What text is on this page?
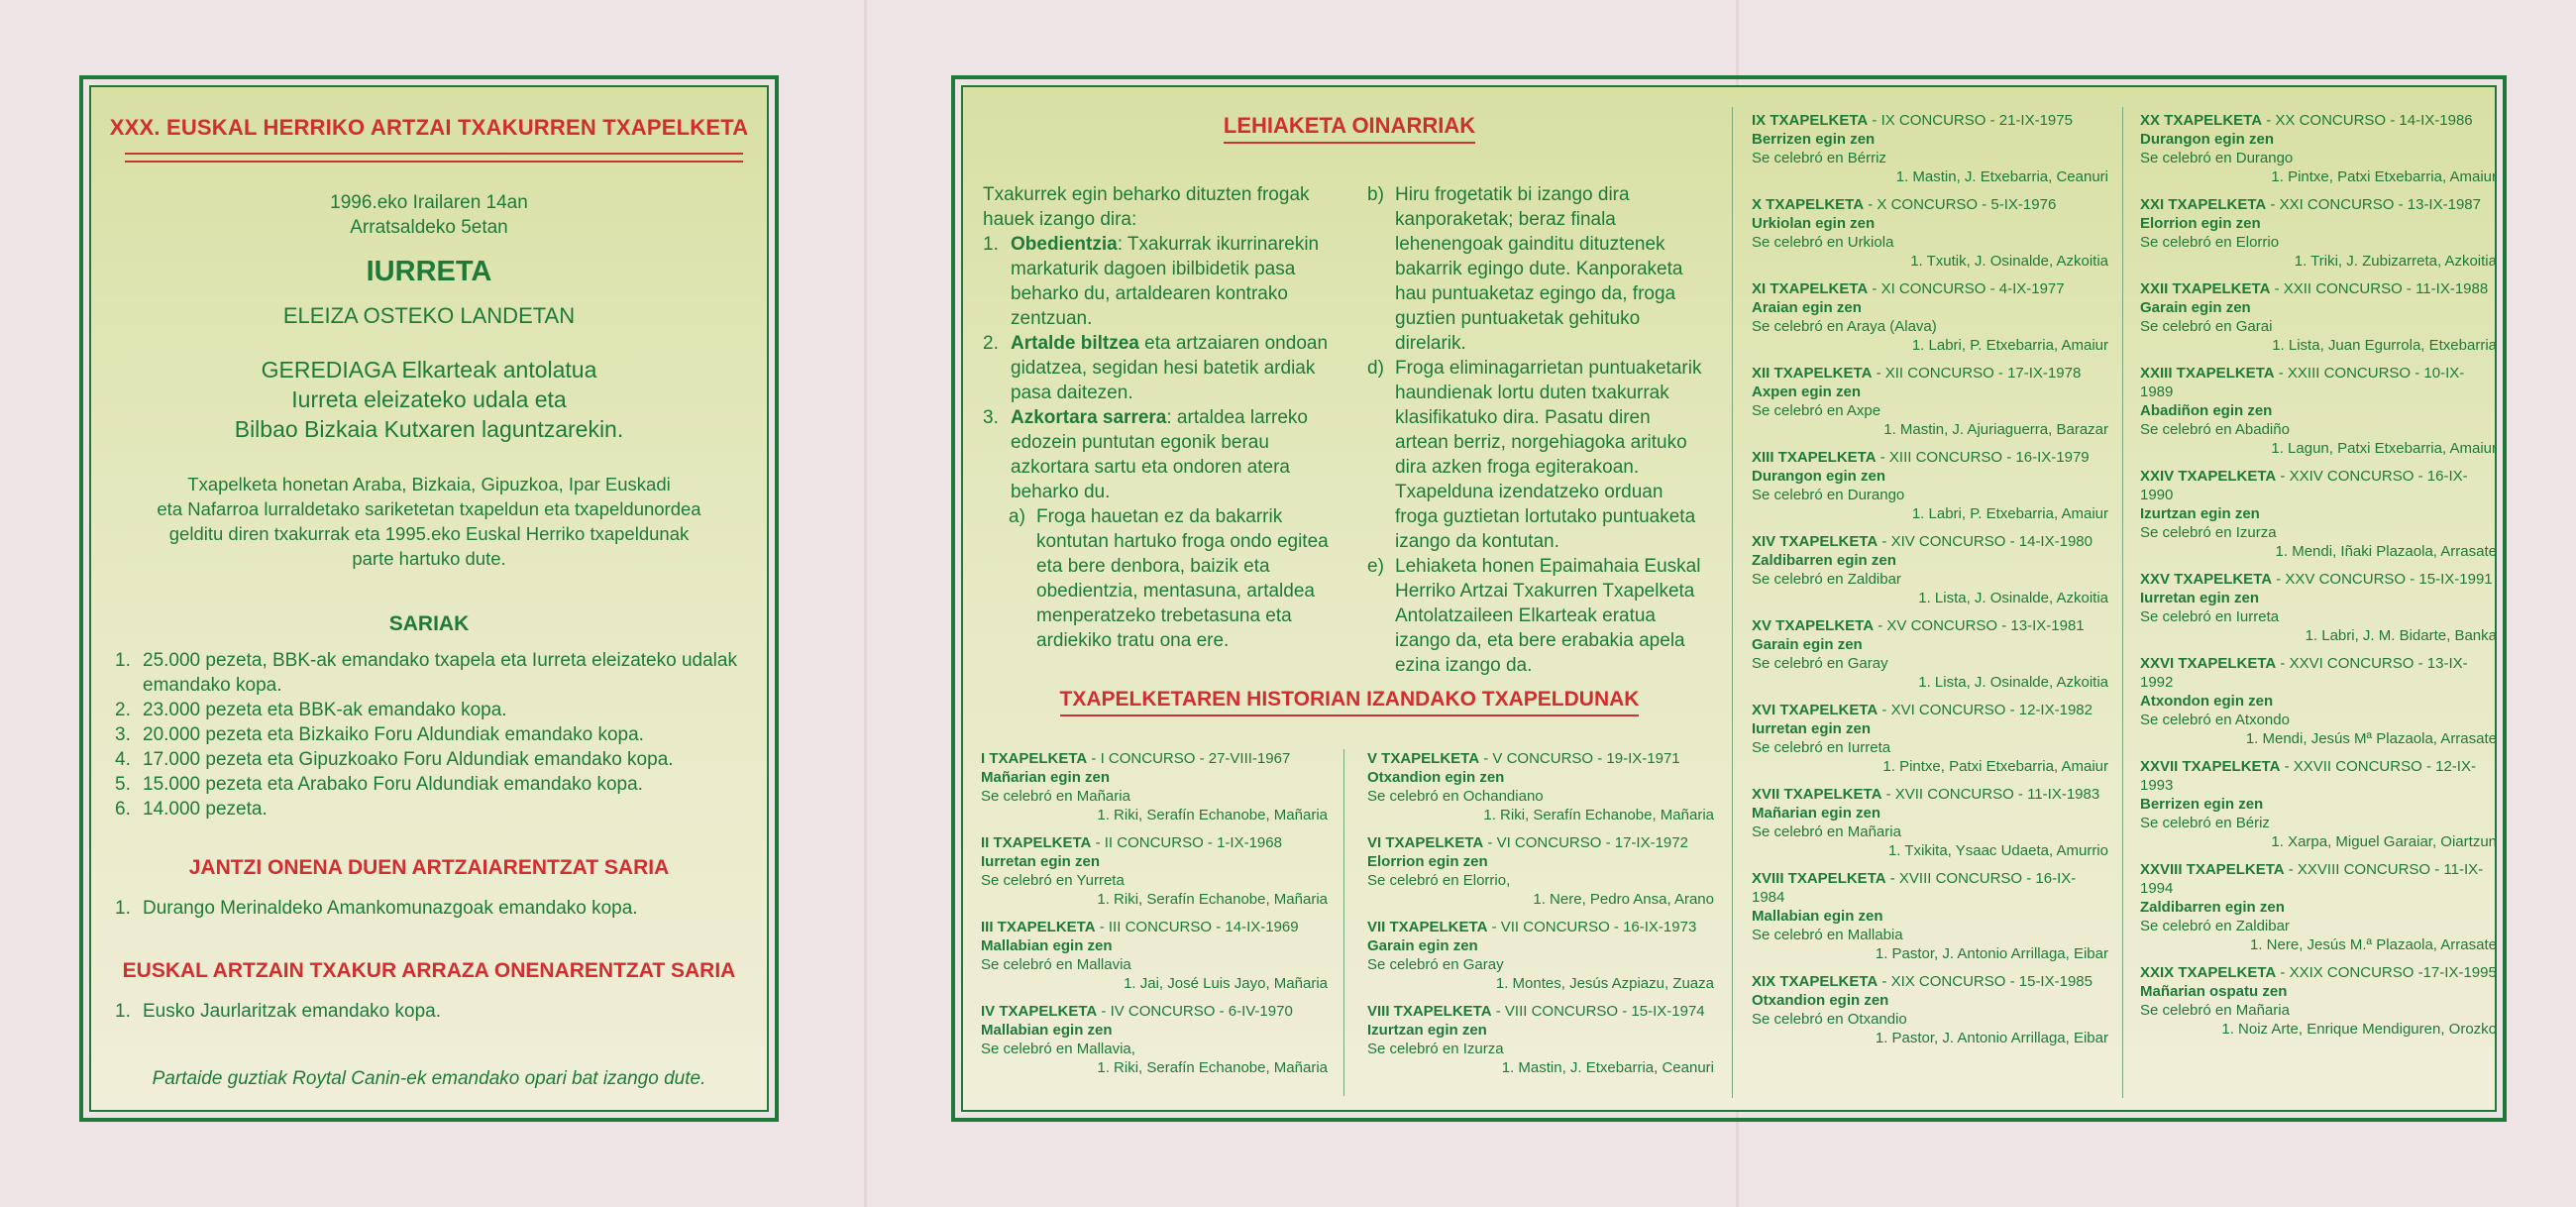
XXX. EUSKAL HERRIKO ARTZAI TXAKURREN TXAPELKETA
1996.eko Irailaren 14an
Arratsaldeko 5etan
IURRETA
ELEIZA OSTEKO LANDETAN
GEREDIAGA Elkarteak antolatua
Iurreta eleizateko udala eta
Bilbao Bizkaia Kutxaren laguntzarekin.
Txapelketa honetan Araba, Bizkaia, Gipuzkoa, Ipar Euskadi
eta Nafarroa lurraldetako sariketetan txapeldun eta txapeldunordea
gelditu diren txakurrak eta 1995.eko Euskal Herriko txapeldunak
parte hartuko dute.
SARIAK
1. 25.000 pezeta, BBK-ak emandako txapela eta Iurreta eleizateko udalak emandako kopa.
2. 23.000 pezeta eta BBK-ak emandako kopa.
3. 20.000 pezeta eta Bizkaiko Foru Aldundiak emandako kopa.
4. 17.000 pezeta eta Gipuzkoako Foru Aldundiak emandako kopa.
5. 15.000 pezeta eta Arabako Foru Aldundiak emandako kopa.
6. 14.000 pezeta.
JANTZI ONENA DUEN ARTZAIARENTZAT SARIA
1. Durango Merinaldeko Amankomunazgoak emandako kopa.
EUSKAL ARTZAIN TXAKUR ARRAZA ONENARENTZAT SARIA
1. Eusko Jaurlaritzak emandako kopa.
Partaide guztiak Roytal Canin-ek emandako opari bat izango dute.
LEHIAKETA OINARRIAK

Txakurrek egin beharko dituzten frogak hauek izango dira:

1. Obedientzia: Txakurrak ikurrinarekin markaturik dagoen ibilbidetik pasa beharko du, artaldearen kontrako zentzuan.

2. Artalde biltzea eta artzaiaren ondoan gidatzea, segidan hesi batetik ardiak pasa daitezen.

3. Azkortara sarrera: artaldea larreko edozein puntutan egonik berau azkortara sartu eta ondoren atera beharko du.

a) Froga hauetan ez da bakarrik kontutan hartuko froga ondo egitea eta bere denbora, baizik eta obedientzia, mentasuna, artaldea menperatzeko trebetasuna eta ardiekiko tratu ona ere.

b) Hiru frogetatik bi izango dira kanporaketak; beraz finala lehenengoak gainditu dituztenek bakarrik egingo dute. Kanporaketa hau puntuaketaz egingo da, froga guztien puntuaketak gehituko direlarik.

d) Froga eliminagarrietan puntuaketarik haundienak lortu duten txakurrak klasifikatuko dira. Pasatu diren artean berriz, norgehiagoka arituko dira azken froga egiterakoan. Txapelduna izendatzeko orduan froga guztietan lortutako puntuaketa izango da kontutan.

e) Lehiaketa honen Epaimahaia Euskal Herriko Artzai Txakurren Txapelketa Antolatzaileen Elkarteak eratua izango da, eta bere erabakia apela ezina izango da.

TXAPELKETAREN HISTORIAN IZANDAKO TXAPELDUNAK
I TXAPELKETA - I CONCURSO - 27-VIII-1967
Mañarian egin zen
Se celebró en Mañaria
1. Riki, Serafín Echanobe, Mañaria
II TXAPELKETA - II CONCURSO - 1-IX-1968
Iurretan egin zen
Se celebró en Yurreta
1. Riki, Serafín Echanobe, Mañaria
III TXAPELKETA - III CONCURSO - 14-IX-1969
Mallabian egin zen
Se celebró en Mallavia
1. Jai, José Luis Jayo, Mañaria
IV TXAPELKETA - IV CONCURSO - 6-IV-1970
Mallabian egin zen
Se celebró en Mallavia,
1. Riki, Serafín Echanobe, Mañaria
V TXAPELKETA - V CONCURSO - 19-IX-1971
Otxandion egin zen
Se celebró en Ochandiano
1. Riki, Serafín Echanobe, Mañaria
VI TXAPELKETA - VI CONCURSO - 17-IX-1972
Elorrion egin zen
Se celebró en Elorrio,
1. Nere, Pedro Ansa, Arano
VII TXAPELKETA - VII CONCURSO - 16-IX-1973
Garain egin zen
Se celebró en Garay
1. Montes, Jesús Azpiazu, Zuaza
VIII TXAPELKETA - VIII CONCURSO - 15-IX-1974
Izurtzan egin zen
Se celebró en Izurza
1. Mastin, J. Etxebarria, Ceanuri
IX TXAPELKETA - IX CONCURSO - 21-IX-1975
Berrizen egin zen
Se celebró en Bérriz
1. Mastin, J. Etxebarria, Ceanuri
X TXAPELKETA - X CONCURSO - 5-IX-1976
Urkiolan egin zen
Se celebró en Urkiola
1. Txutik, J. Osinalde, Azkoitia
XI TXAPELKETA - XI CONCURSO - 4-IX-1977
Araian egin zen
Se celebró en Araya (Alava)
1. Labri, P. Etxebarria, Amaiur
XII TXAPELKETA - XII CONCURSO - 17-IX-1978
Axpen egin zen
Se celebró en Axpe
1. Mastin, J. Ajuriaguerra, Barazar
XIII TXAPELKETA - XIII CONCURSO - 16-IX-1979
Durangon egin zen
Se celebró en Durango
1. Labri, P. Etxebarria, Amaiur
XIV TXAPELKETA - XIV CONCURSO - 14-IX-1980
Zaldibarren egin zen
Se celebró en Zaldibar
1. Lista, J. Osinalde, Azkoitia
XV TXAPELKETA - XV CONCURSO - 13-IX-1981
Garain egin zen
Se celebró en Garay
1. Lista, J. Osinalde, Azkoitia
XVI TXAPELKETA - XVI CONCURSO - 12-IX-1982
Iurretan egin zen
Se celebró en Iurreta
1. Pintxe, Patxi Etxebarria, Amaiur
XVII TXAPELKETA - XVII CONCURSO - 11-IX-1983
Mañarian egin zen
Se celebró en Mañaria
1. Txikita, Ysaac Udaeta, Amurrio
XVIII TXAPELKETA - XVIII CONCURSO - 16-IX-1984
Mallabian egin zen
Se celebró en Mallabia
1. Pastor, J. Antonio Arrillaga, Eibar
XIX TXAPELKETA - XIX CONCURSO - 15-IX-1985
Otxandion egin zen
Se celebró en Otxandio
1. Pastor, J. Antonio Arrillaga, Eibar
XX TXAPELKETA - XX CONCURSO - 14-IX-1986
Durangon egin zen
Se celebró en Durango
1. Pintxe, Patxi Etxebarria, Amaiur
XXI TXAPELKETA - XXI CONCURSO - 13-IX-1987
Elorrion egin zen
Se celebró en Elorrio
1. Triki, J. Zubizarreta, Azkoitia
XXII TXAPELKETA - XXII CONCURSO - 11-IX-1988
Garain egin zen
Se celebró en Garai
1. Lista, Juan Egurrola, Etxebarria
XXIII TXAPELKETA - XXIII CONCURSO - 10-IX-1989
Abadiñon egin zen
Se celebró en Abadiño
1. Lagun, Patxi Etxebarria, Amaiur
XXIV TXAPELKETA - XXIV CONCURSO - 16-IX-1990
Izurtzan egin zen
Se celebró en Izurza
1. Mendi, Iñaki Plazaola, Arrasate
XXV TXAPELKETA - XXV CONCURSO - 15-IX-1991
Iurretan egin zen
Se celebró en Iurreta
1. Labri, J. M. Bidarte, Banka
XXVI TXAPELKETA - XXVI CONCURSO - 13-IX-1992
Atxondon egin zen
Se celebró en Atxondo
1. Mendi, Jesús Mª Plazaola, Arrasate
XXVII TXAPELKETA - XXVII CONCURSO - 12-IX-1993
Berrizen egin zen
Se celebró en Bériz
1. Xarpa, Miguel Garaiar, Oiartzun
XXVIII TXAPELKETA - XXVIII CONCURSO - 11-IX-1994
Zaldibarren egin zen
Se celebró en Zaldibar
1. Nere, Jesús M.ª Plazaola, Arrasate
XXIX TXAPELKETA - XXIX CONCURSO -17-IX-1995
Mañarian ospatu zen
Se celebró en Mañaria
1. Noiz Arte, Enrique Mendiguren, Orozko
